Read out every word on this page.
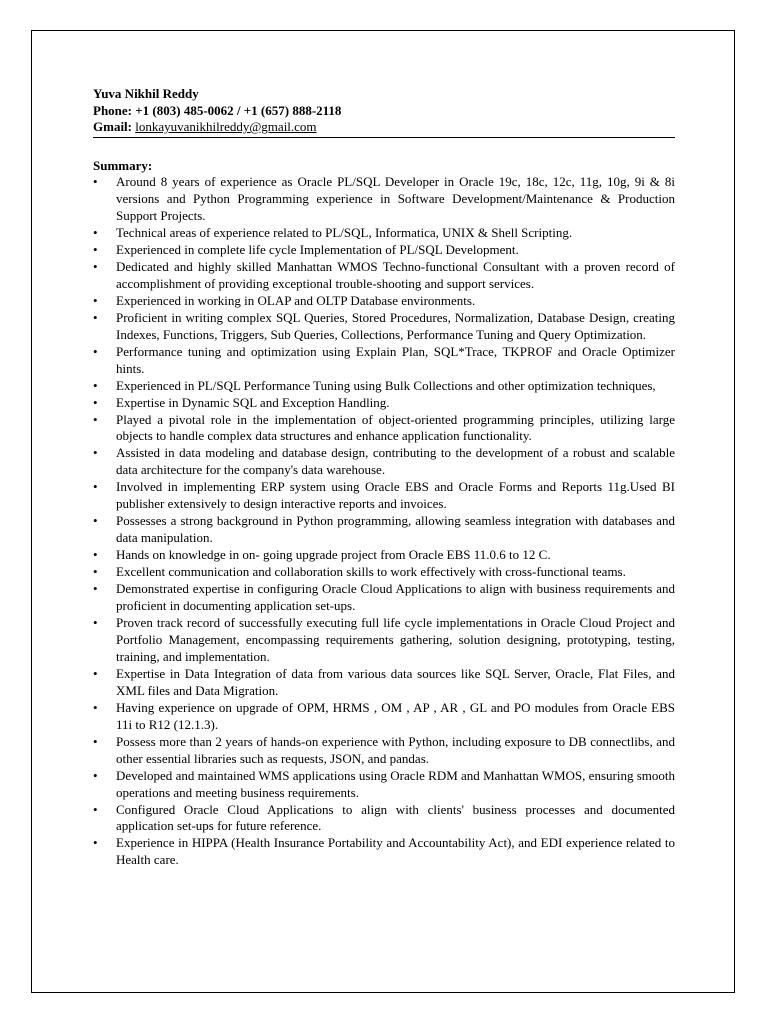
Yuva Nikhil Reddy

Phone: +1 (803) 485-0062 / +1 (657) 888-2118

Gmail: lonkayuvanikhilreddy@gmail.com

Summary:

• Around 8 years of experience as Oracle PL/SQL Developer in Oracle 19c, 18c, 12c, 11g, 10g, 9i & 8i versions and Python Programming experience in Software Development/Maintenance & Production Support Projects.
• Technical areas of experience related to PL/SQL, Informatica, UNIX & Shell Scripting.
• Experienced in complete life cycle Implementation of PL/SQL Development.
• Dedicated and highly skilled Manhattan WMOS Techno-functional Consultant with a proven record of accomplishment of providing exceptional trouble-shooting and support services.
• Experienced in working in OLAP and OLTP Database environments.
• Proficient in writing complex SQL Queries, Stored Procedures, Normalization, Database Design, creating Indexes, Functions, Triggers, Sub Queries, Collections, Performance Tuning and Query Optimization.
• Performance tuning and optimization using Explain Plan, SQL*Trace, TKPROF and Oracle Optimizer hints.
• Experienced in PL/SQL Performance Tuning using Bulk Collections and other optimization techniques,
• Expertise in Dynamic SQL and Exception Handling.
• Played a pivotal role in the implementation of object-oriented programming principles, utilizing large objects to handle complex data structures and enhance application functionality.
• Assisted in data modeling and database design, contributing to the development of a robust and scalable data architecture for the company's data warehouse.
• Involved in implementing ERP system using Oracle EBS and Oracle Forms and Reports 11g.Used BI publisher extensively to design interactive reports and invoices.
• Possesses a strong background in Python programming, allowing seamless integration with databases and data manipulation.
• Hands on knowledge in on- going upgrade project from Oracle EBS 11.0.6 to 12 C.
• Excellent communication and collaboration skills to work effectively with cross-functional teams.
• Demonstrated expertise in configuring Oracle Cloud Applications to align with business requirements and proficient in documenting application set-ups.
• Proven track record of successfully executing full life cycle implementations in Oracle Cloud Project and Portfolio Management, encompassing requirements gathering, solution designing, prototyping, testing, training, and implementation.
• Expertise in Data Integration of data from various data sources like SQL Server, Oracle, Flat Files, and XML files and Data Migration.
• Having experience on upgrade of OPM, HRMS , OM , AP , AR , GL and PO modules from Oracle EBS 11i to R12 (12.1.3).
• Possess more than 2 years of hands-on experience with Python, including exposure to DB connectlibs, and other essential libraries such as requests, JSON, and pandas.
• Developed and maintained WMS applications using Oracle RDM and Manhattan WMOS, ensuring smooth operations and meeting business requirements.
• Configured Oracle Cloud Applications to align with clients' business processes and documented application set-ups for future reference.
• Experience in HIPPA (Health Insurance Portability and Accountability Act), and EDI experience related to Health care.
